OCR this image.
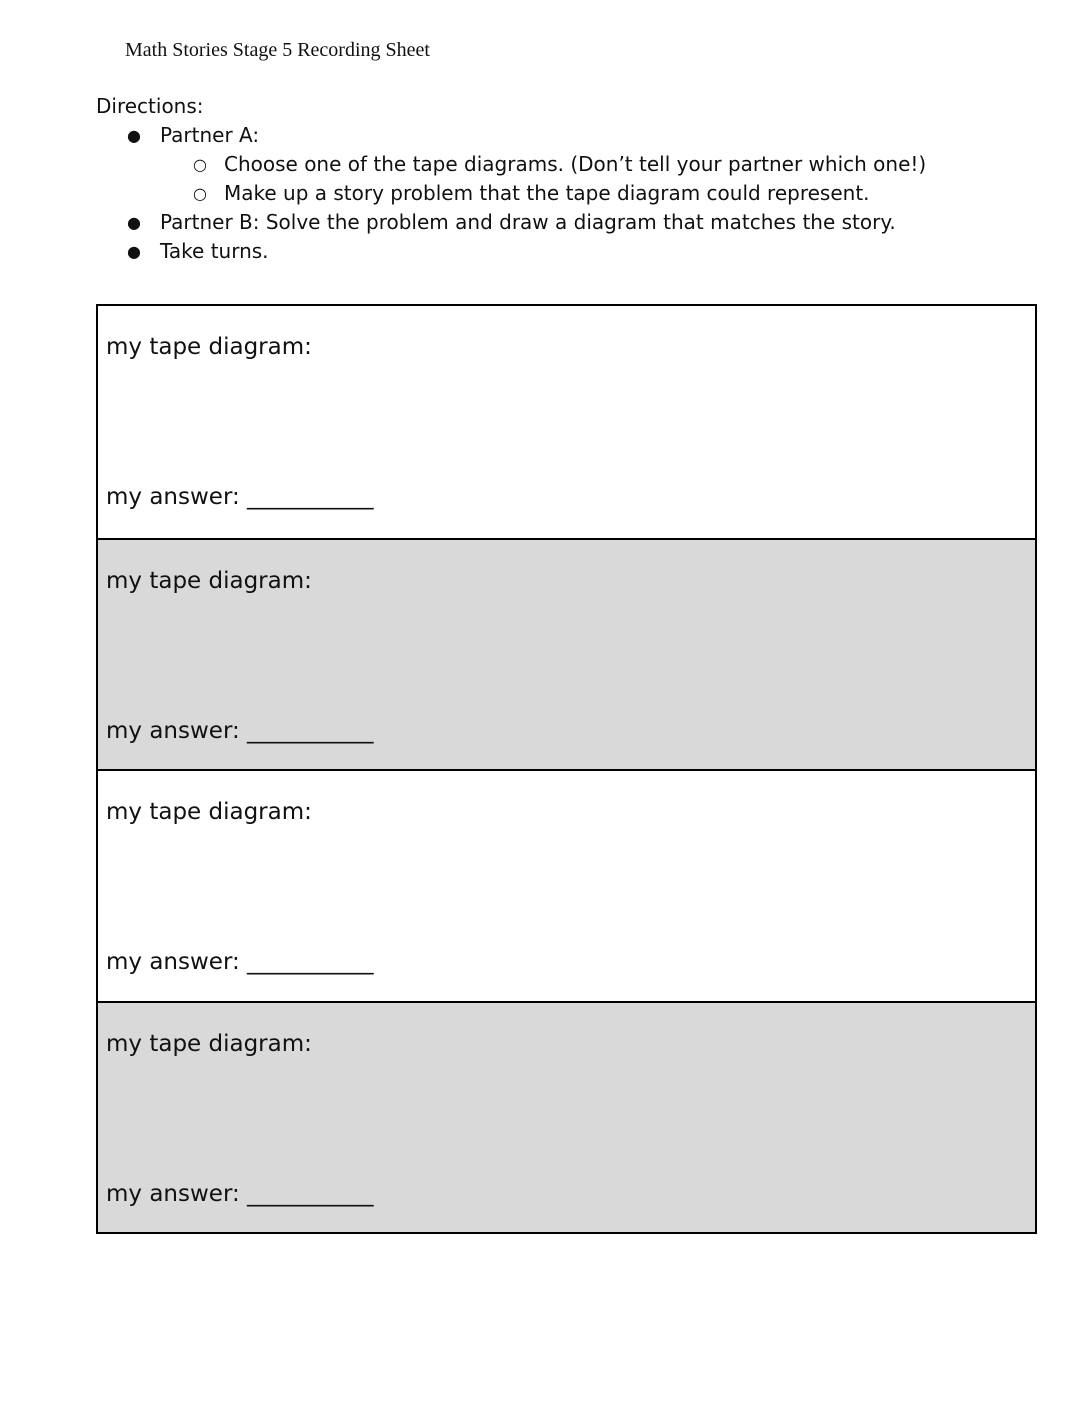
Math Stories Stage 5 Recording Sheet
Directions:
● Partner A:
○ Choose one of the tape diagrams. (Don’t tell your partner which one!)
○ Make up a story problem that the tape diagram could represent.
● Partner B: Solve the problem and draw a diagram that matches the story.
● Take turns.
my tape diagram:
my answer: ___________
my tape diagram:
my answer: ___________
my tape diagram:
my answer: ___________
my tape diagram:
my answer: ___________
